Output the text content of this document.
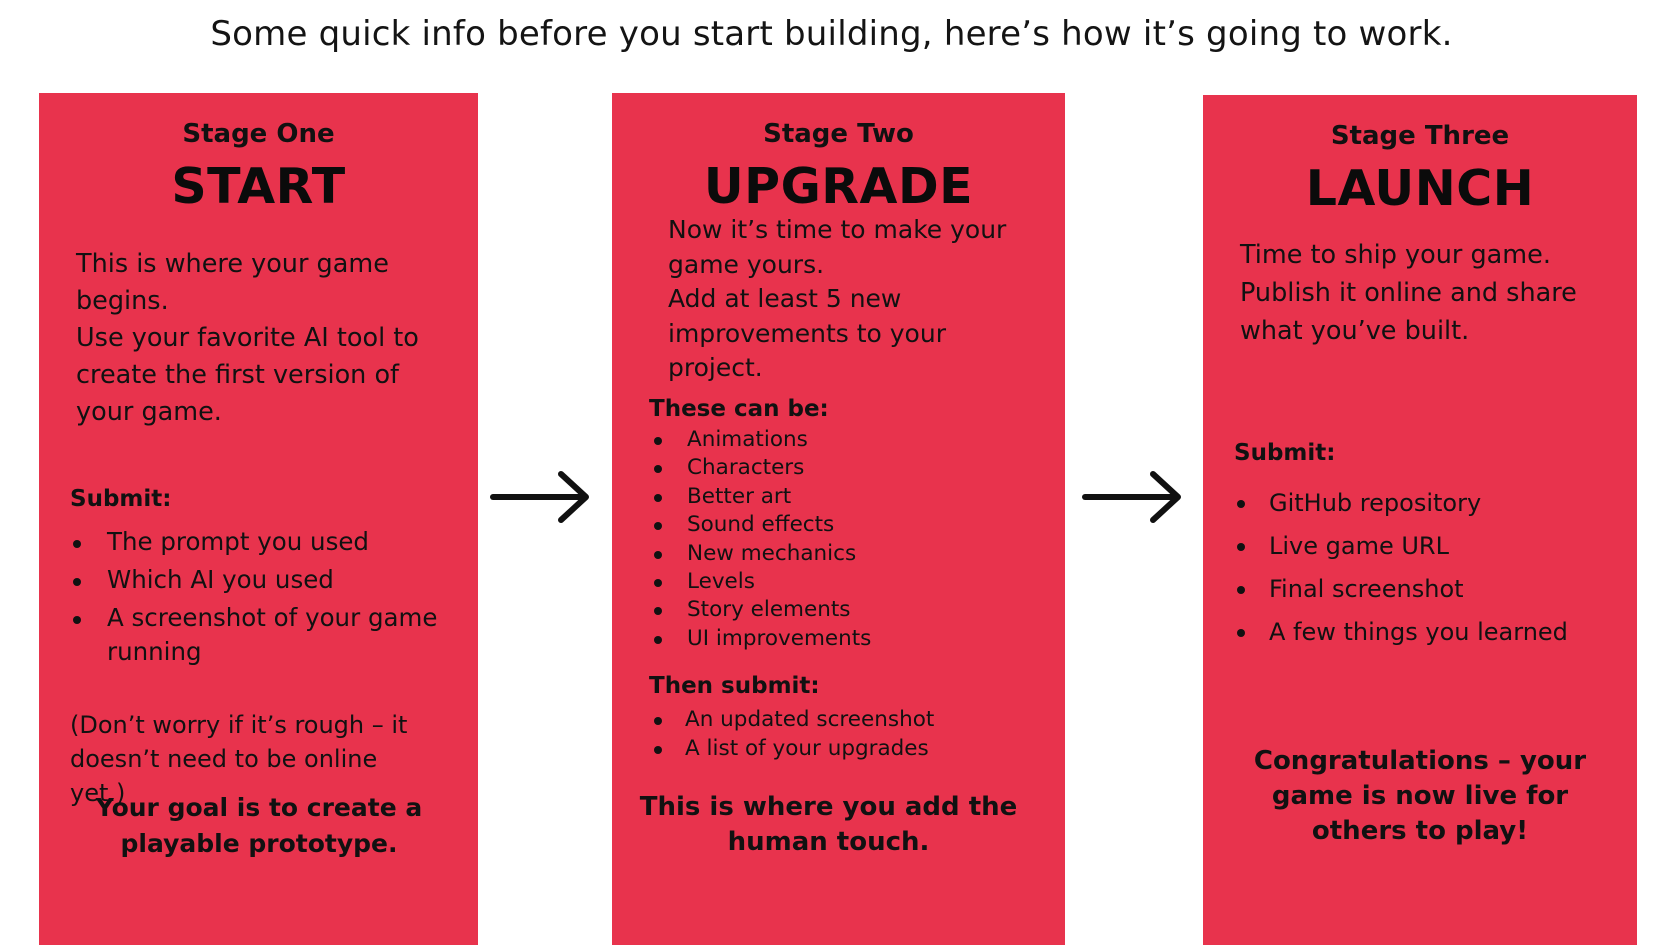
Some quick info before you start building, here’s how it’s going to work.
Stage One
START

This is where your game begins.

Use your favorite AI tool to create the first version of your game.

Submit:
The prompt you used
Which AI you used
A screenshot of your game running

(Don’t worry if it’s rough – it doesn’t need to be online yet.)

Your goal is to create a playable prototype.

Stage Two
UPGRADE

Now it’s time to make your game yours.

Add at least 5 new improvements to your project.

These can be:
Animations
Characters
Better art
Sound effects
New mechanics
Levels
Story elements
UI improvements
Then submit:
An updated screenshot
A list of your upgrades

This is where you add the human touch.

Stage Three
LAUNCH

Time to ship your game. Publish it online and share what you’ve built.

Submit:
GitHub repository
Live game URL
Final screenshot
A few things you learned

Congratulations – your game is now live for others to play!
